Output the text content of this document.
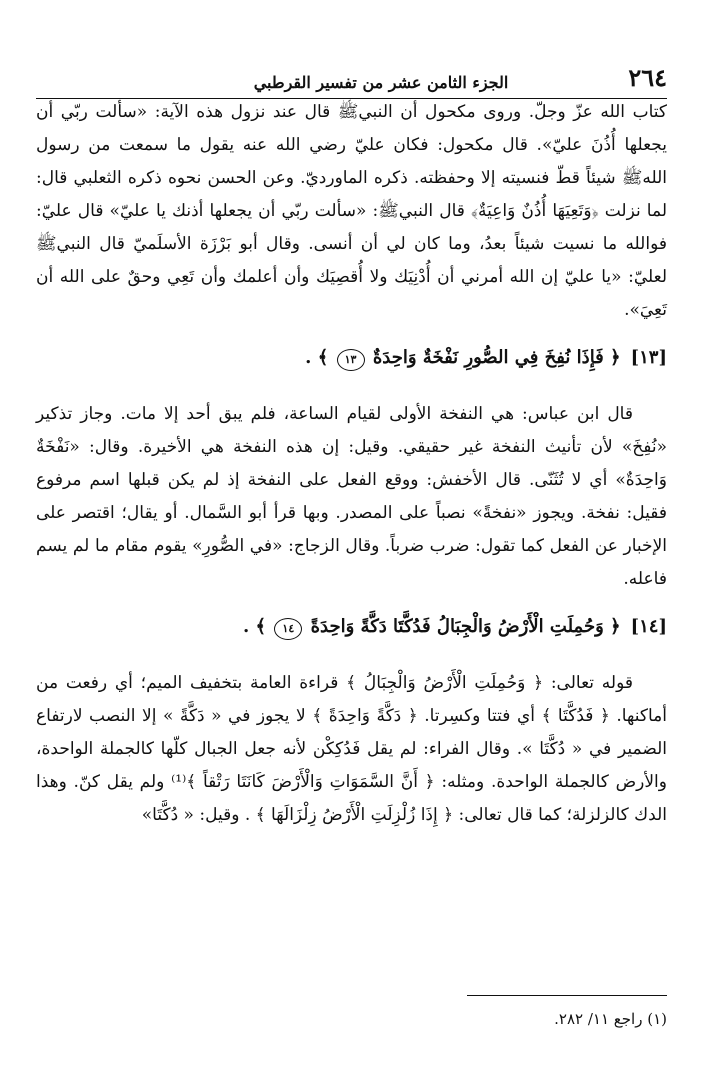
٢٦٤
الجزء الثامن عشر من تفسير القرطبي

كتاب الله عزّ وجلّ. وروى مكحول أن النبيﷺ قال عند نزول هذه الآية: «سألت ربّي أن يجعلها أُذُنَ عليّ». قال مكحول: فكان عليّ رضي الله عنه يقول ما سمعت من رسول اللهﷺ شيئاً قطّ فنسيته إلا وحفظته. ذكره الماورديّ. وعن الحسن نحوه ذكره الثعلبي قال: لما نزلت ﴿وَتَعِيَهَا أُذُنٌ وَاعِيَةٌ﴾ قال النبيﷺ: «سألت ربّي أن يجعلها أذنك يا عليّ» قال عليّ: فوالله ما نسيت شيئاً بعدُ، وما كان لي أن أنسى. وقال أبو بَرْزَة الأسلَميّ قال النبيﷺ لعليّ: «يا عليّ إن الله أمرني أن أُدْنِيَك ولا أُقصِيَك وأن أعلمك وأن تَعِي وحقٌ على الله أن تَعِيَ».

[١٣]
﴿ فَإِذَا نُفِخَ فِي الصُّورِ نَفْخَةٌ وَاحِدَةٌ ١٣ ﴾ .

قال ابن عباس: هي النفخة الأولى لقيام الساعة، فلم يبق أحد إلا مات. وجاز تذكير «نُفِخَ» لأن تأنيث النفخة غير حقيقي. وقيل: إن هذه النفخة هي الأخيرة. وقال: «نَفْخَةٌ وَاحِدَةٌ» أي لا تُثَنّى. قال الأخفش: ووقع الفعل على النفخة إذ لم يكن قبلها اسم مرفوع فقيل: نفخة. ويجوز «نفخةً» نصباً على المصدر. وبها قرأ أبو السَّمال. أو يقال؛ اقتصر على الإخبار عن الفعل كما تقول: ضرب ضرباً. وقال الزجاج: «في الصُّورِ» يقوم مقام ما لم يسم فاعله.

[١٤]
﴿ وَحُمِلَتِ الْأَرْضُ وَالْجِبَالُ فَدُكَّتَا دَكَّةً وَاحِدَةً ١٤ ﴾ .

قوله تعالى: ﴿ وَحُمِلَتِ الْأَرْضُ وَالْجِبَالُ ﴾ قراءة العامة بتخفيف الميم؛ أي رفعت من أماكنها. ﴿ فَدُكَّتَا ﴾ أي فتتا وكسِرتا. ﴿ دَكَّةً وَاحِدَةً ﴾ لا يجوز في « دَكَّةً » إلا النصب لارتفاع الضمير في « دُكَّتَا ». وقال الفراء: لم يقل فَدُكِكْن لأنه جعل الجبال كلّها كالجملة الواحدة، والأرض كالجملة الواحدة. ومثله: ﴿ أَنَّ السَّمَوَاتِ وَالْأَرْضَ كَانَتَا رَتْقاً ﴾⁽¹⁾ ولم يقل كنّ. وهذا الدك كالزلزلة؛ كما قال تعالى: ﴿ إِذَا زُلْزِلَتِ الْأَرْضُ زِلْزَالَهَا ﴾ . وقيل: « دُكَّتَا»

(١) راجع ١١/ ٢٨٢.
